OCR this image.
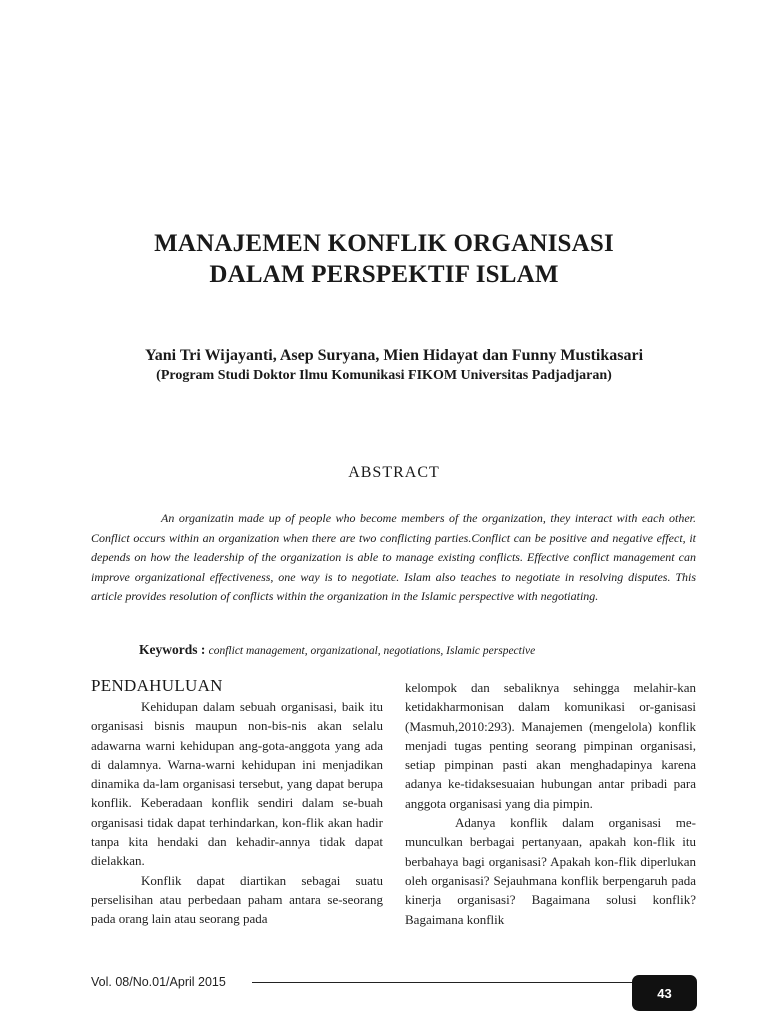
MANAJEMEN KONFLIK ORGANISASI
DALAM PERSPEKTIF ISLAM
Yani Tri Wijayanti, Asep Suryana, Mien Hidayat dan Funny Mustikasari
(Program Studi Doktor Ilmu Komunikasi FIKOM Universitas Padjadjaran)
ABSTRACT
An organizatin made up of people who become members of the organization, they interact with each other. Conflict occurs within an organization when there are two conflicting parties.Conflict can be positive and negative effect, it depends on how the leadership of the organization is able to manage existing conflicts. Effective conflict management can improve organizational effectiveness, one way is to negotiate. Islam also teaches to negotiate in resolving disputes. This article provides resolution of conflicts within the organization in the Islamic perspective with negotiating.
Keywords : conflict management, organizational, negotiations, Islamic perspective
PENDAHULUAN

Kehidupan dalam sebuah organisasi, baik itu organisasi bisnis maupun non-bis-nis akan selalu adawarna warni kehidupan ang-gota-anggota yang ada di dalamnya. Warna-warni kehidupan ini menjadikan dinamika da-lam organisasi tersebut, yang dapat berupa konflik. Keberadaan konflik sendiri dalam se-buah organisasi tidak dapat terhindarkan, kon-flik akan hadir tanpa kita hendaki dan kehadir-annya tidak dapat dielakkan.

Konflik dapat diartikan sebagai suatu perselisihan atau perbedaan paham antara se-seorang pada orang lain atau seorang pada

kelompok dan sebaliknya sehingga melahir-kan ketidakharmonisan dalam komunikasi or-ganisasi (Masmuh,2010:293). Manajemen (mengelola) konflik menjadi tugas penting seorang pimpinan organisasi, setiap pimpinan pasti akan menghadapinya karena adanya ke-tidaksesuaian hubungan antar pribadi para anggota organisasi yang dia pimpin.

Adanya konflik dalam organisasi me-munculkan berbagai pertanyaan, apakah kon-flik itu berbahaya bagi organisasi? Apakah kon-flik diperlukan oleh organisasi? Sejauhmana konflik berpengaruh pada kinerja organisasi? Bagaimana solusi konflik? Bagaimana konflik

Vol. 08/No.01/April 2015
43
